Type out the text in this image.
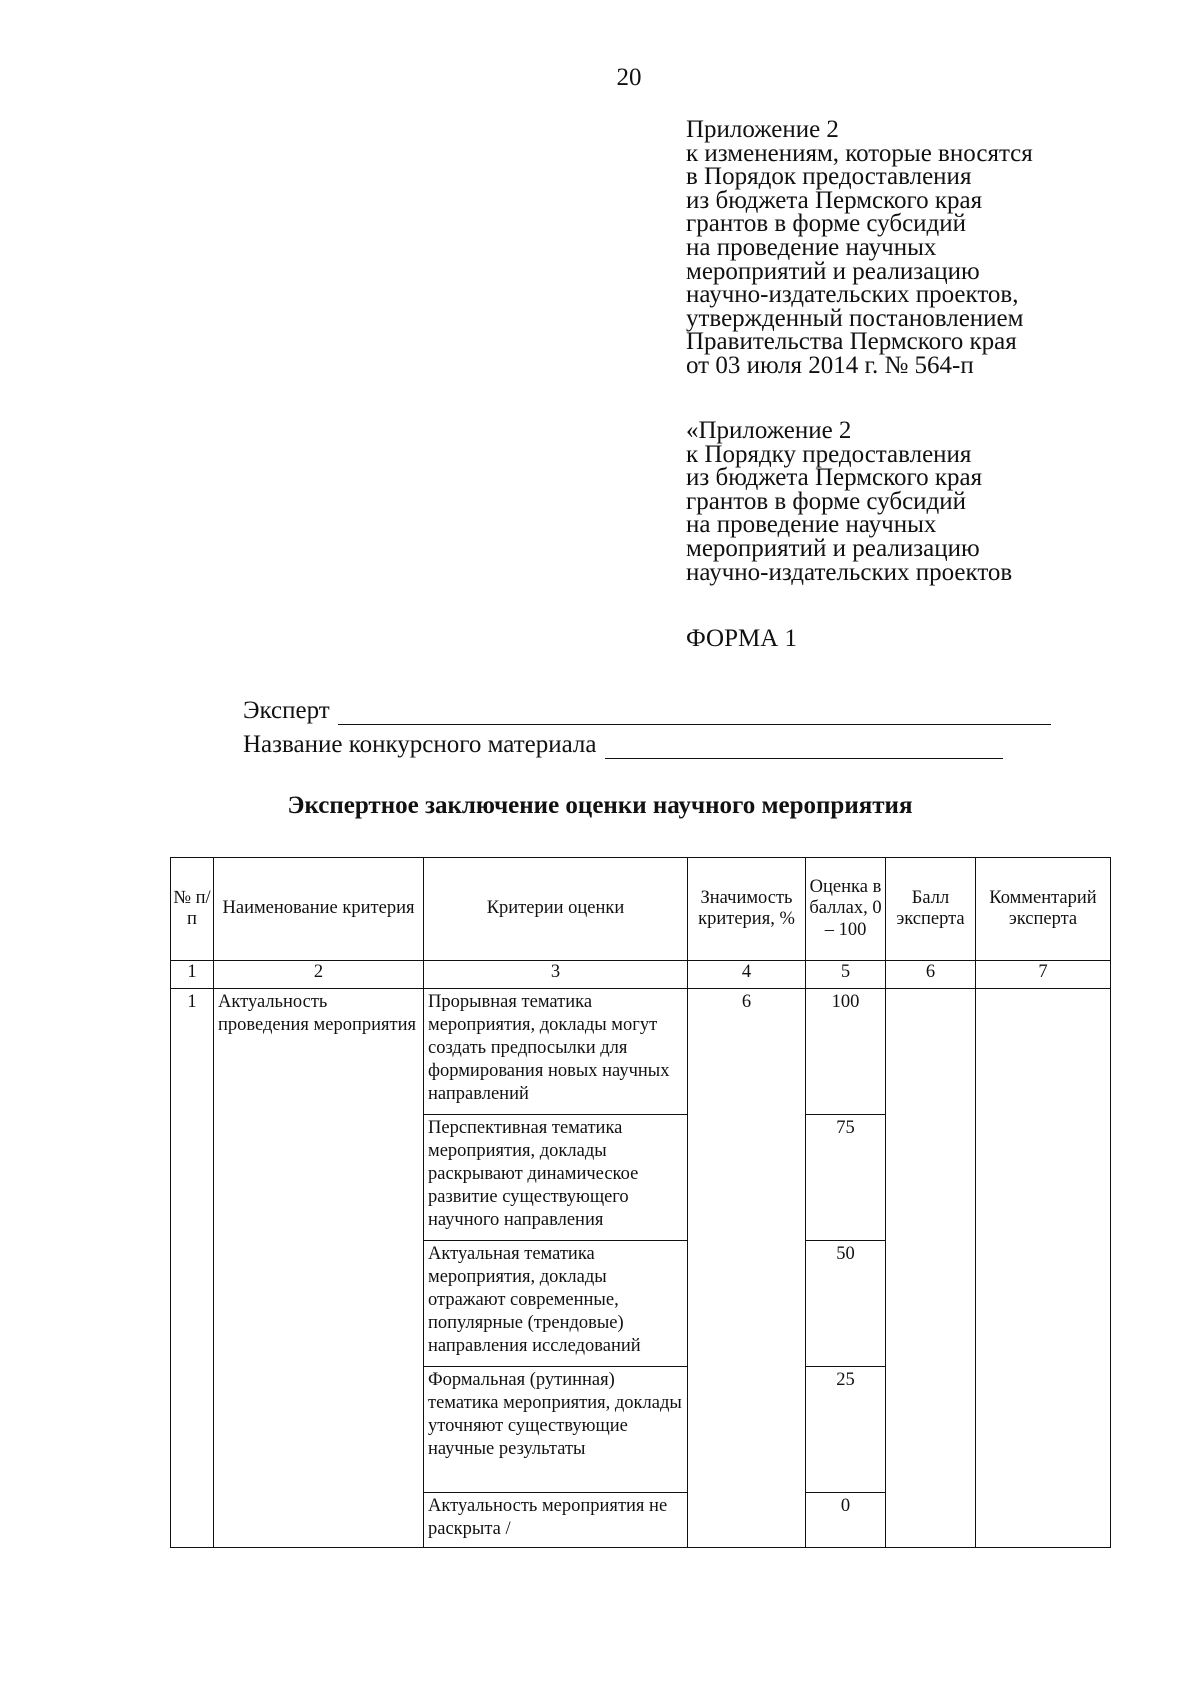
20
Приложение 2
к изменениям, которые вносятся
в Порядок предоставления
из бюджета Пермского края
грантов в форме субсидий
на проведение научных
мероприятий и реализацию
научно-издательских проектов,
утвержденный постановлением
Правительства Пермского края
от 03 июля 2014 г. № 564-п
«Приложение 2
к Порядку предоставления
из бюджета Пермского края
грантов в форме субсидий
на проведение научных
мероприятий и реализацию
научно-издательских проектов
ФОРМА 1
Эксперт
Название конкурсного материала
Экспертное заключение оценки научного мероприятия
№ п/п	Наименование критерия	Критерии оценки	Значимость критерия, %	Оценка в баллах, 0 – 100	Балл эксперта	Комментарий эксперта
1	2	3	4	5	6	7
1	Актуальность проведения мероприятия	Прорывная тематика мероприятия, доклады могут создать предпосылки для формирования новых научных направлений	6	100		
		Перспективная тематика мероприятия, доклады раскрывают динамическое развитие существующего научного направления		75		
		Актуальная тематика мероприятия, доклады отражают современные, популярные (трендовые) направления исследований		50		
		Формальная (рутинная) тематика мероприятия, доклады уточняют существующие научные результаты		25		
		Актуальность мероприятия не раскрыта /		0		
